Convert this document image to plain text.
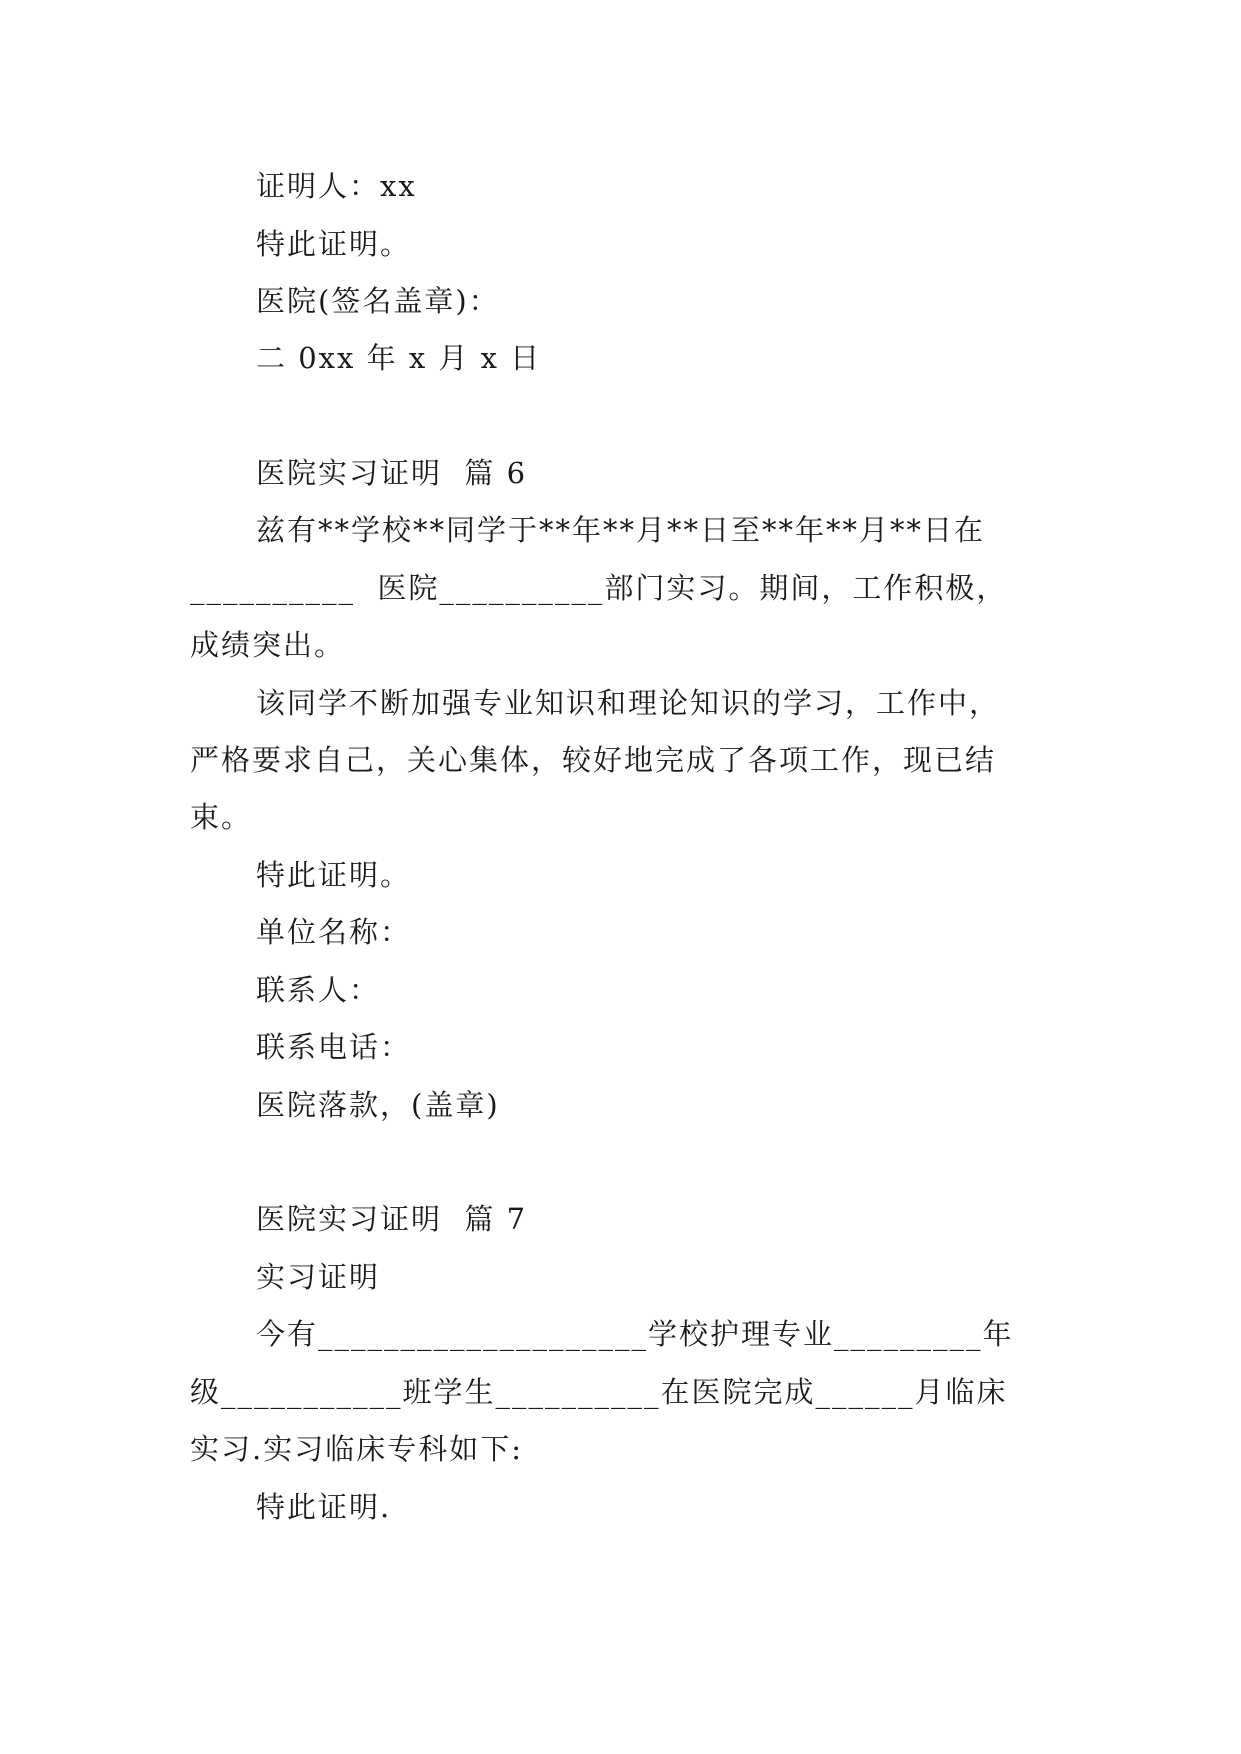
证明人：xx
特此证明。
医院(签名盖章)：
二 0xx 年 x 月 x 日
医院实习证明  篇 6
兹有**学校**同学于**年**月**日至**年**月**日在
__________  医院__________部门实习。期间，工作积极，
成绩突出。
该同学不断加强专业知识和理论知识的学习，工作中，
严格要求自己，关心集体，较好地完成了各项工作，现已结
束。
特此证明。
单位名称：
联系人：
联系电话：
医院落款，(盖章)
医院实习证明  篇 7
实习证明
今有____________________学校护理专业_________年
级___________班学生__________在医院完成______月临床
实习.实习临床专科如下:
特此证明.
